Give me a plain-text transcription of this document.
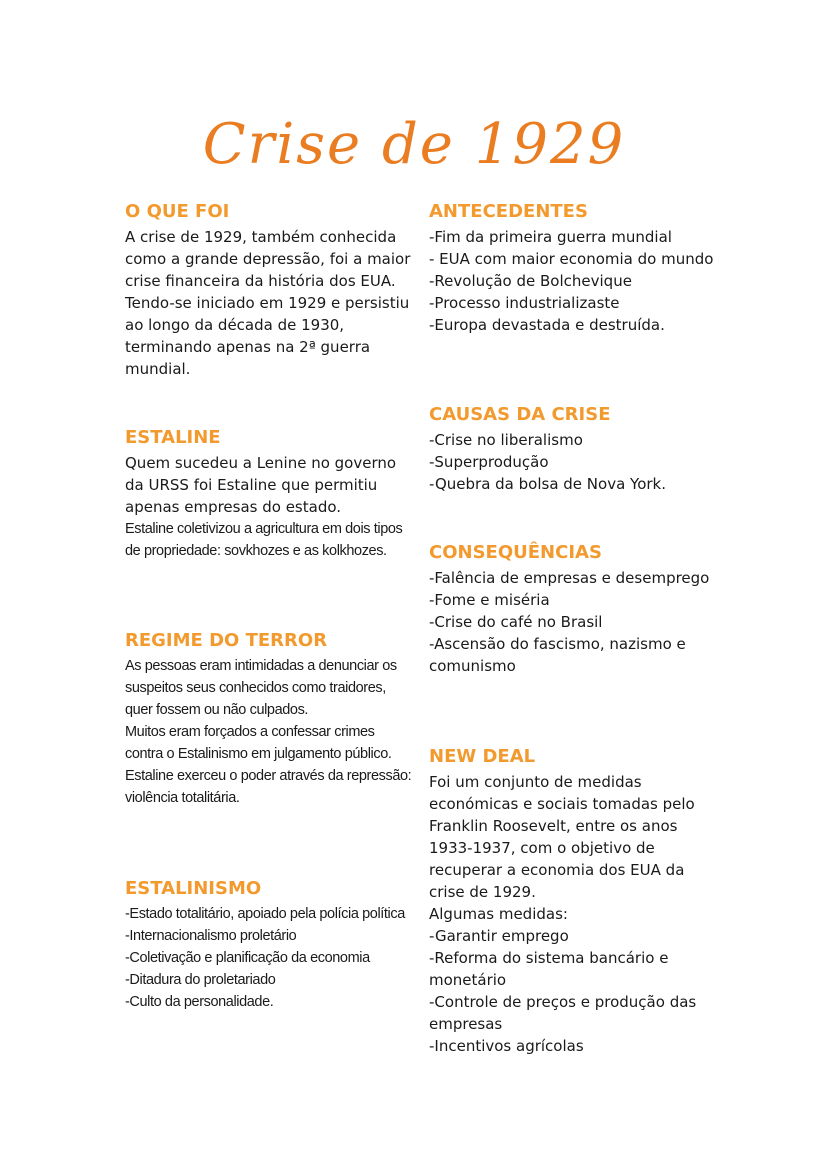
Crise de 1929
O QUE FOI

A crise de 1929, também conhecida como a grande depressão, foi a maior crise financeira da história dos EUA. Tendo-se iniciado em 1929 e persistiu ao longo da década de 1930, terminando apenas na 2ª guerra mundial.

ESTALINE

Quem sucedeu a Lenine no governo da URSS foi Estaline que permitiu apenas empresas do estado.

Estaline coletivizou a agricultura em dois tipos de propriedade: sovkhozes e as kolkhozes.

REGIME DO TERROR

As pessoas eram intimidadas a denunciar os suspeitos seus conhecidos como traidores, quer fossem ou não culpados.

Muitos eram forçados a confessar crimes contra o Estalinismo em julgamento público.

Estaline exerceu o poder através da repressão: violência totalitária.

ESTALINISMO
-Estado totalitário, apoiado pela polícia política
-Internacionalismo proletário
-Coletivação e planificação da economia
-Ditadura do proletariado
-Culto da personalidade.
ANTECEDENTES
-Fim da primeira guerra mundial
- EUA com maior economia do mundo
-Revolução de Bolchevique
-Processo industrializaste
-Europa devastada e destruída.
CAUSAS DA CRISE
-Crise no liberalismo
-Superprodução
-Quebra da bolsa de Nova York.
CONSEQUÊNCIAS
-Falência de empresas e desemprego
-Fome e miséria
-Crise do café no Brasil
-Ascensão do fascismo, nazismo e comunismo
NEW DEAL

Foi um conjunto de medidas económicas e sociais tomadas pelo Franklin Roosevelt, entre os anos 1933-1937, com o objetivo de recuperar a economia dos EUA da crise de 1929.

Algumas medidas:
-Garantir emprego
-Reforma do sistema bancário e monetário
-Controle de preços e produção das empresas
-Incentivos agrícolas
